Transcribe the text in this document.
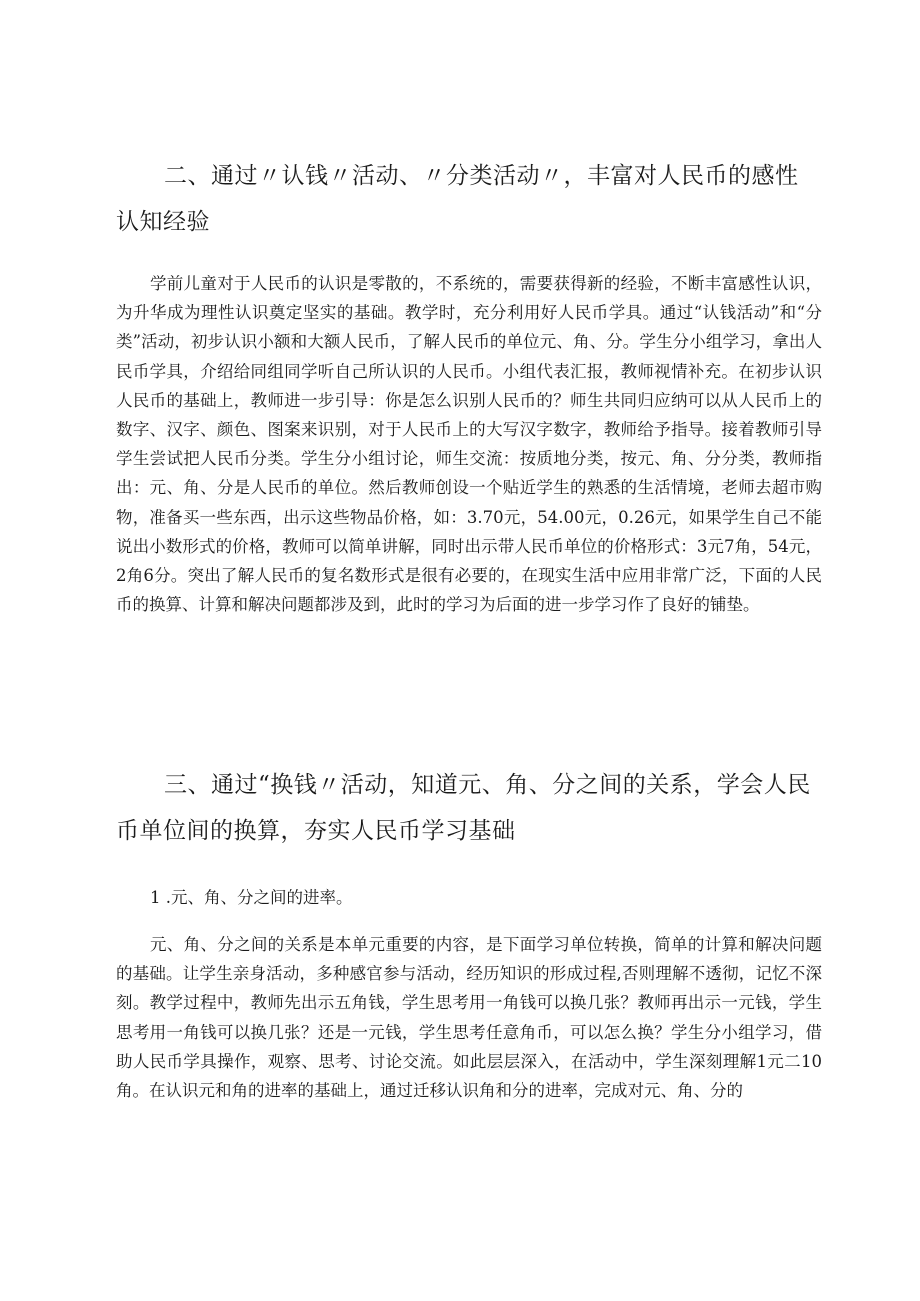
二、通过〃认钱〃活动、〃分类活动〃，丰富对人民币的感性认知经验

学前儿童对于人民币的认识是零散的，不系统的，需要获得新的经验，不断丰富感性认识，为升华成为理性认识奠定坚实的基础。教学时，充分利用好人民币学具。通过“认钱活动”和“分类”活动，初步认识小额和大额人民币，了解人民币的单位元、角、分。学生分小组学习，拿出人民币学具，介绍给同组同学听自己所认识的人民币。小组代表汇报，教师视情补充。在初步认识人民币的基础上，教师进一步引导：你是怎么识别人民币的？师生共同归应纳可以从人民币上的数字、汉字、颜色、图案来识别，对于人民币上的大写汉字数字，教师给予指导。接着教师引导学生尝试把人民币分类。学生分小组讨论，师生交流：按质地分类，按元、角、分分类，教师指出：元、角、分是人民币的单位。然后教师创设一个贴近学生的熟悉的生活情境，老师去超市购物，准备买一些东西，出示这些物品价格，如：3.70元，54.00元，0.26元，如果学生自己不能说出小数形式的价格，教师可以简单讲解，同时出示带人民币单位的价格形式：3元7角，54元，2角6分。突出了解人民币的复名数形式是很有必要的，在现实生活中应用非常广泛，下面的人民币的换算、计算和解决问题都涉及到，此时的学习为后面的进一步学习作了良好的铺垫。

三、通过“换钱〃活动，知道元、角、分之间的关系，学会人民币单位间的换算，夯实人民币学习基础

1 .元、角、分之间的进率。

元、角、分之间的关系是本单元重要的内容，是下面学习单位转换，简单的计算和解决问题的基础。让学生亲身活动，多种感官参与活动，经历知识的形成过程,否则理解不透彻，记忆不深刻。教学过程中，教师先出示五角钱，学生思考用一角钱可以换几张？教师再出示一元钱，学生思考用一角钱可以换几张？还是一元钱，学生思考任意角币，可以怎么换？学生分小组学习，借助人民币学具操作，观察、思考、讨论交流。如此层层深入，在活动中，学生深刻理解1元二10角。在认识元和角的进率的基础上，通过迁移认识角和分的进率，完成对元、角、分的
